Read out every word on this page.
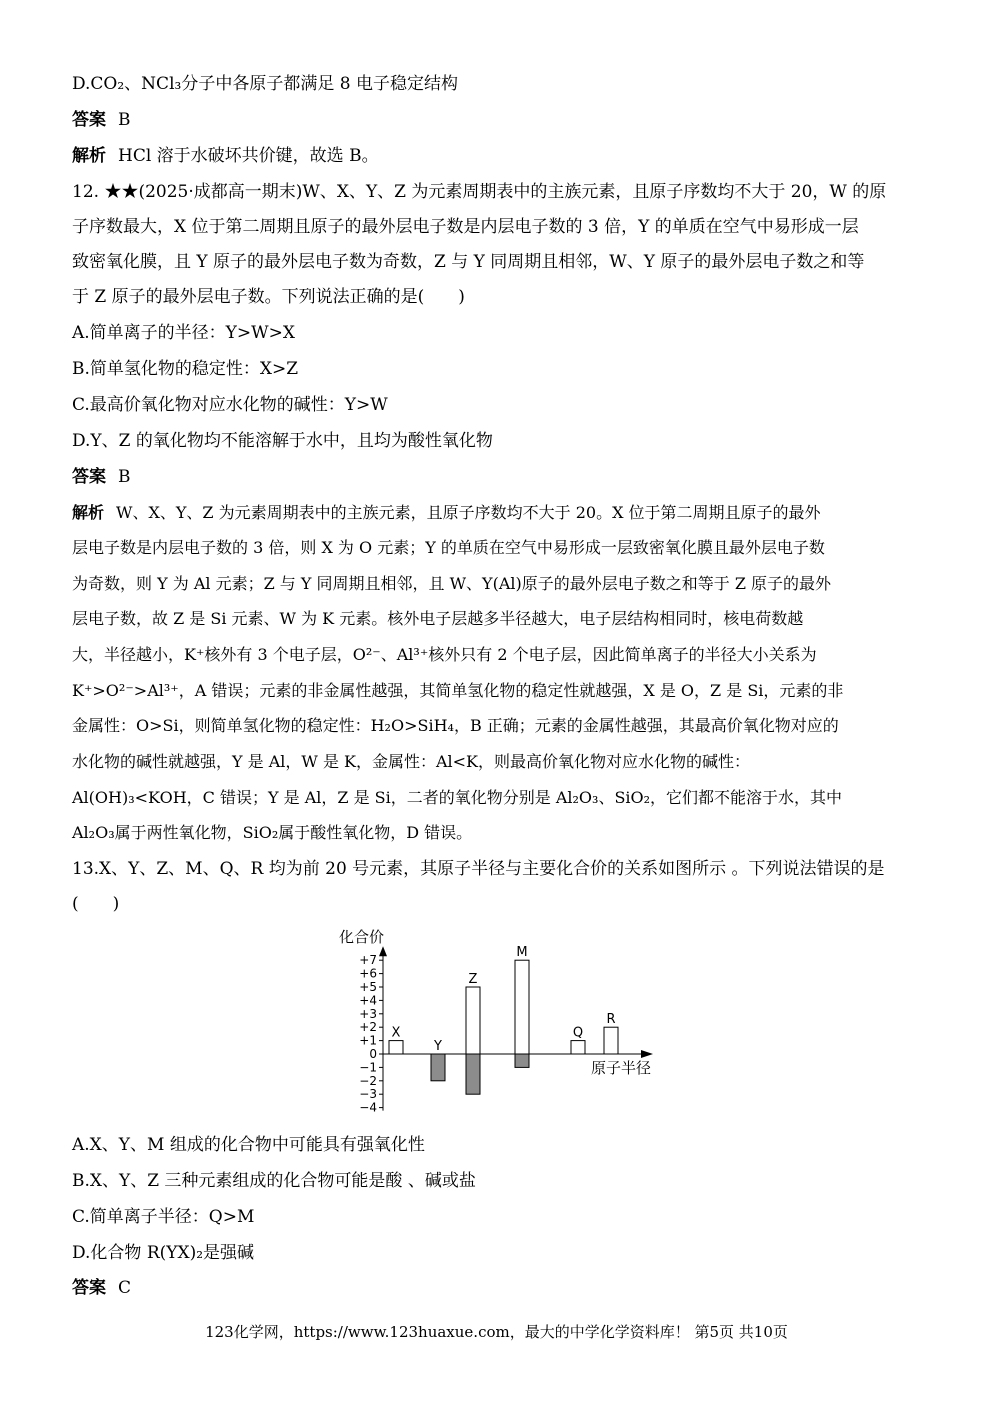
D.CO₂、NCl₃分子中各原子都满足 8 电子稳定结构
答案 B
解析 HCl 溶于水破坏共价键，故选 B。
12. ★★(2025·成都高一期末)W、X、Y、Z 为元素周期表中的主族元素，且原子序数均不大于 20，W 的原
子序数最大，X 位于第二周期且原子的最外层电子数是内层电子数的 3 倍，Y 的单质在空气中易形成一层
致密氧化膜，且 Y 原子的最外层电子数为奇数，Z 与 Y 同周期且相邻，W、Y 原子的最外层电子数之和等
于 Z 原子的最外层电子数。下列说法正确的是(　　)
A.简单离子的半径：Y>W>X
B.简单氢化物的稳定性：X>Z
C.最高价氧化物对应水化物的碱性：Y>W
D.Y、Z 的氧化物均不能溶解于水中，且均为酸性氧化物
答案 B
解析 W、X、Y、Z 为元素周期表中的主族元素，且原子序数均不大于 20。X 位于第二周期且原子的最外
层电子数是内层电子数的 3 倍，则 X 为 O 元素；Y 的单质在空气中易形成一层致密氧化膜且最外层电子数
为奇数，则 Y 为 Al 元素；Z 与 Y 同周期且相邻，且 W、Y(Al)原子的最外层电子数之和等于 Z 原子的最外
层电子数，故 Z 是 Si 元素、W 为 K 元素。核外电子层越多半径越大，电子层结构相同时，核电荷数越
大，半径越小，K⁺核外有 3 个电子层，O²⁻、Al³⁺核外只有 2 个电子层，因此简单离子的半径大小关系为
K⁺>O²⁻>Al³⁺，A 错误；元素的非金属性越强，其简单氢化物的稳定性就越强，X 是 O，Z 是 Si，元素的非
金属性：O>Si，则简单氢化物的稳定性：H₂O>SiH₄，B 正确；元素的金属性越强，其最高价氧化物对应的
水化物的碱性就越强，Y 是 Al，W 是 K，金属性：Al<K，则最高价氧化物对应水化物的碱性：
Al(OH)₃<KOH，C 错误；Y 是 Al，Z 是 Si，二者的氧化物分别是 Al₂O₃、SiO₂，它们都不能溶于水，其中
Al₂O₃属于两性氧化物，SiO₂属于酸性氧化物，D 错误。
13.X、Y、Z、M、Q、R 均为前 20 号元素，其原子半径与主要化合价的关系如图所示 。下列说法错误的是
(　　)
化合价
+7
+6
+5
+4
+3
+2
+1
0
−1
−2
−3
−4
原子半径
X
Y
Z
M
Q
R
A.X、Y、M 组成的化合物中可能具有强氧化性
B.X、Y、Z 三种元素组成的化合物可能是酸 、碱或盐
C.简单离子半径：Q>M
D.化合物 R(YX)₂是强碱
答案 C
123化学网，https://www.123huaxue.com，最大的中学化学资料库！ 第5页 共10页
